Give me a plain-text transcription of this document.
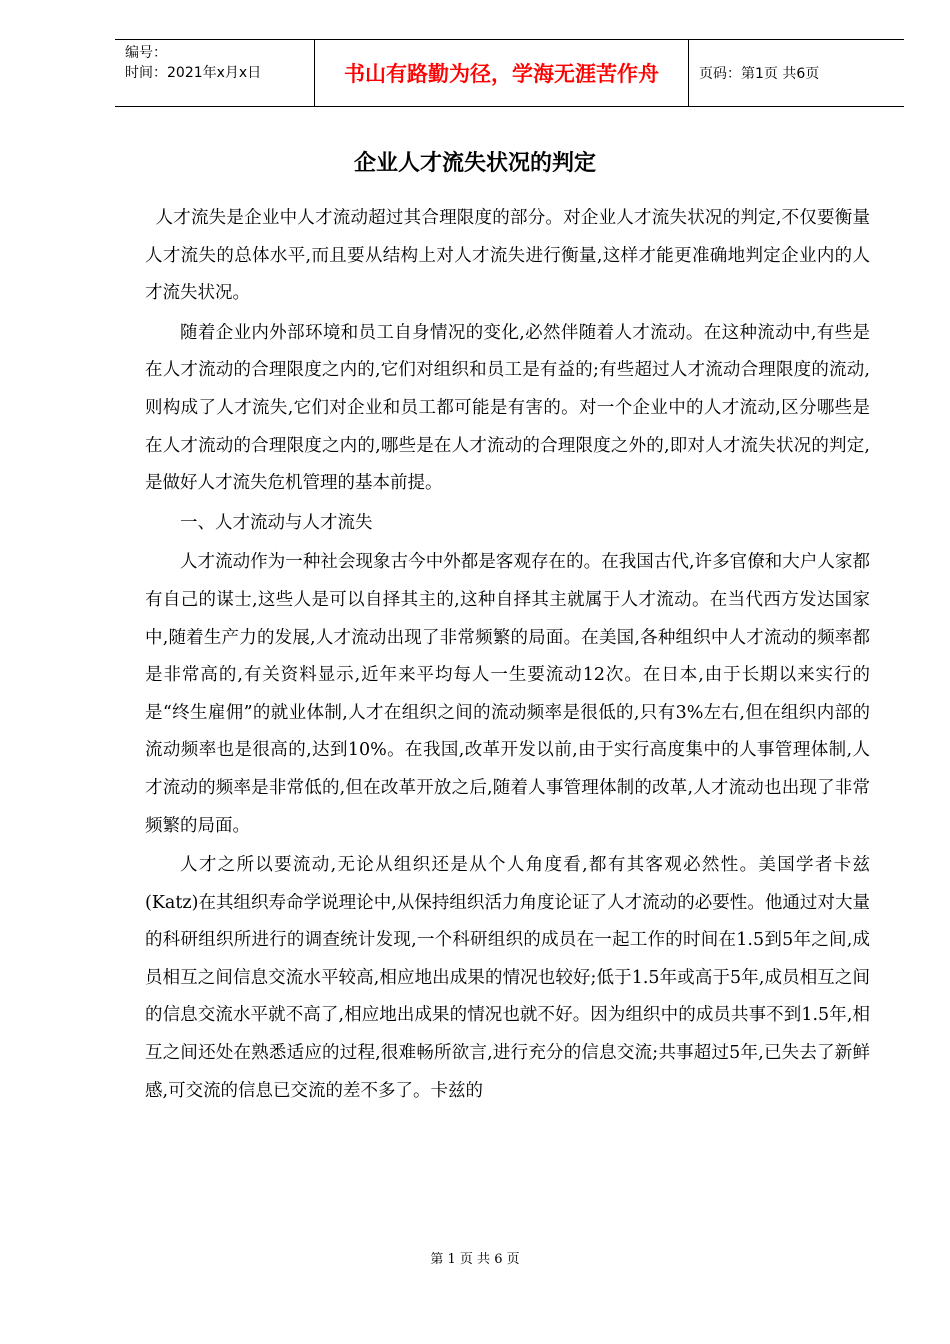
编号：
时间：2021年x月x日	书山有路勤为径，学海无涯苦作舟	页码：第1页 共6页
企业人才流失状况的判定

人才流失是企业中人才流动超过其合理限度的部分。对企业人才流失状况的判定,不仅要衡量人才流失的总体水平,而且要从结构上对人才流失进行衡量,这样才能更准确地判定企业内的人才流失状况。

随着企业内外部环境和员工自身情况的变化,必然伴随着人才流动。在这种流动中,有些是在人才流动的合理限度之内的,它们对组织和员工是有益的;有些超过人才流动合理限度的流动,则构成了人才流失,它们对企业和员工都可能是有害的。对一个企业中的人才流动,区分哪些是在人才流动的合理限度之内的,哪些是在人才流动的合理限度之外的,即对人才流失状况的判定,是做好人才流失危机管理的基本前提。

一、人才流动与人才流失

人才流动作为一种社会现象古今中外都是客观存在的。在我国古代,许多官僚和大户人家都有自己的谋士,这些人是可以自择其主的,这种自择其主就属于人才流动。在当代西方发达国家中,随着生产力的发展,人才流动出现了非常频繁的局面。在美国,各种组织中人才流动的频率都是非常高的,有关资料显示,近年来平均每人一生要流动12次。在日本,由于长期以来实行的是“终生雇佣”的就业体制,人才在组织之间的流动频率是很低的,只有3%左右,但在组织内部的流动频率也是很高的,达到10%。在我国,改革开发以前,由于实行高度集中的人事管理体制,人才流动的频率是非常低的,但在改革开放之后,随着人事管理体制的改革,人才流动也出现了非常频繁的局面。

人才之所以要流动,无论从组织还是从个人角度看,都有其客观必然性。美国学者卡兹(Katz)在其组织寿命学说理论中,从保持组织活力角度论证了人才流动的必要性。他通过对大量的科研组织所进行的调查统计发现,一个科研组织的成员在一起工作的时间在1.5到5年之间,成员相互之间信息交流水平较高,相应地出成果的情况也较好;低于1.5年或高于5年,成员相互之间的信息交流水平就不高了,相应地出成果的情况也就不好。因为组织中的成员共事不到1.5年,相互之间还处在熟悉适应的过程,很难畅所欲言,进行充分的信息交流;共事超过5年,已失去了新鲜感,可交流的信息已交流的差不多了。卡兹的

第 1 页 共 6 页
